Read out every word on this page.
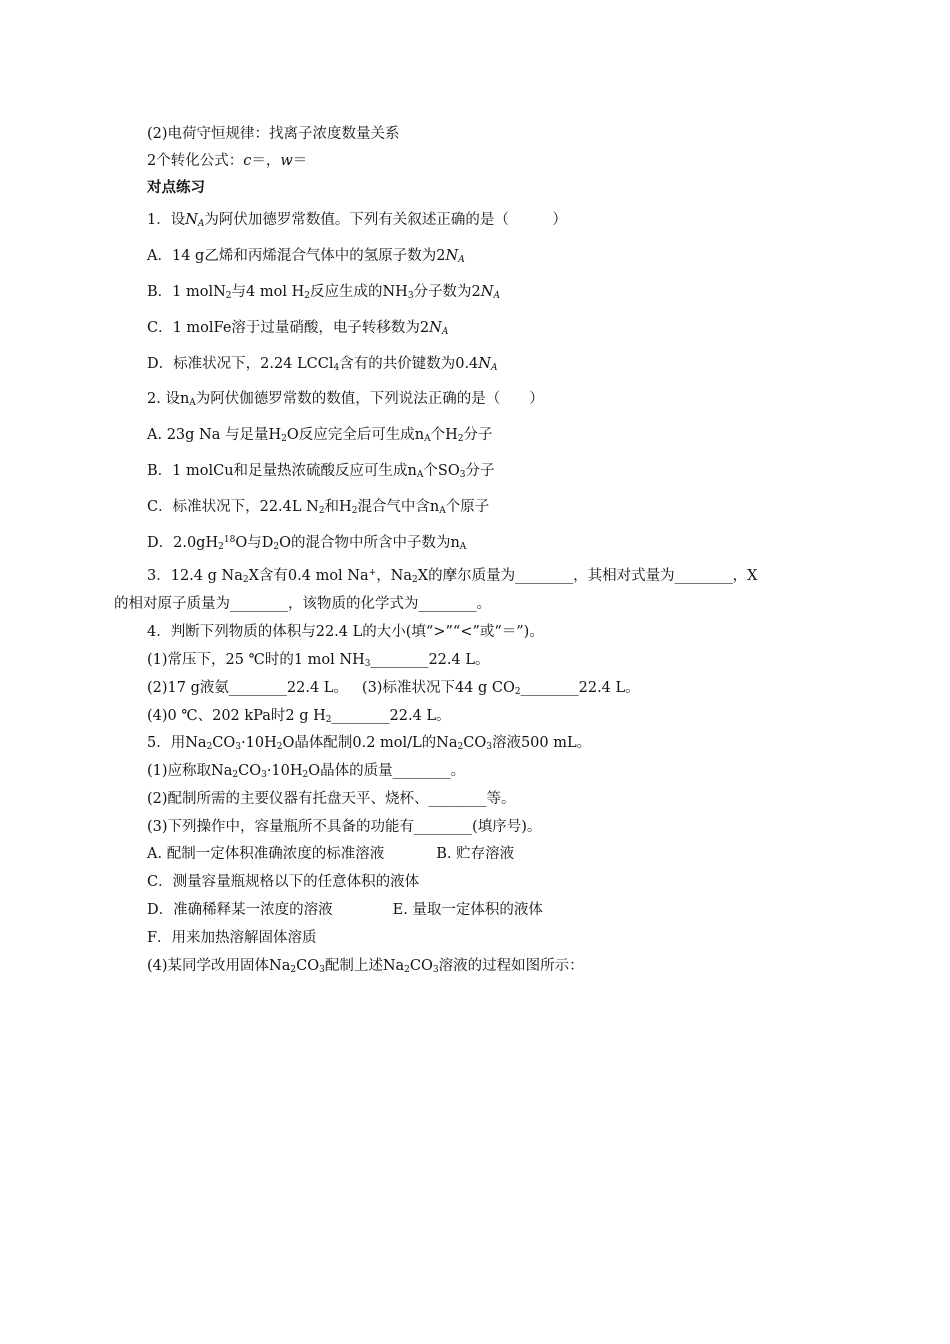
(2)电荷守恒规律：找离子浓度数量关系
2个转化公式：c＝，w＝
对点练习
1．设$N_A$为阿伏加德罗常数值。下列有关叙述正确的是（　　　）
A．14 g乙烯和丙烯混合气体中的氢原子数为$2N_A$
B．1 molN$_2$与4 mol $H_2$反应生成的$NH_3$分子数为$2N_A$
C．1 molFe溶于过量硝酸，电子转移数为$2N_A$
D．标准状况下，2.24 LCCl$_4$含有的共价键数为$0.4N_A$
2. 设$n_A$为阿伏伽德罗常数的数值，下列说法正确的是（　　）
A. 23g Na 与足量$H_2O$反应完全后可生成$n_A$个$H_2$分子
B．1 molCu和足量热浓硫酸反应可生成$n_A$个$SO_3$分子
C．标准状况下，22.4L $N_2$和$H_2$混合气中含$n_A$个原子
D．$2.0gH_2^{18}O$与$D_2O$的混合物中所含中子数为$n_A$
3．12.4 g $Na_2X$含有0.4 mol Na+，$Na_2X$的摩尔质量为________，其相对式量为________，X
的相对原子质量为________，该物质的化学式为________。
4．判断下列物质的体积与22.4 L的大小(填“>”“<”或“＝”)。
(1)常压下，25 ℃时的1 mol $NH_3\_\_\_\_\_\_\_\_22.4$ L。
(2)17 g液氨________22.4 L。 (3)标准状况下44 g $CO_2\_\_\_\_\_\_\_\_22.4$ L。
(4)0 ℃、202 kPa时2 g $H_2\_\_\_\_\_\_\_\_22.4$ L。
5．用$Na_2CO_3\cdot 10H_2O$晶体配制0.2 mol/L的$Na_2CO_3$溶液500 mL。
(1)应称取$Na_2CO_3\cdot 10H_2O$晶体的质量________。
(2)配制所需的主要仪器有托盘天平、烧杯、________等。
(3)下列操作中，容量瓶所不具备的功能有________(填序号)。
A. 配制一定体积准确浓度的标准溶液	B. 贮存溶液
C．测量容量瓶规格以下的任意体积的液体
D．准确稀释某一浓度的溶液	E. 量取一定体积的液体
F．用来加热溶解固体溶质
(4)某同学改用固体$Na_2CO_3$配制上述$Na_2CO_3$溶液的过程如图所示：
